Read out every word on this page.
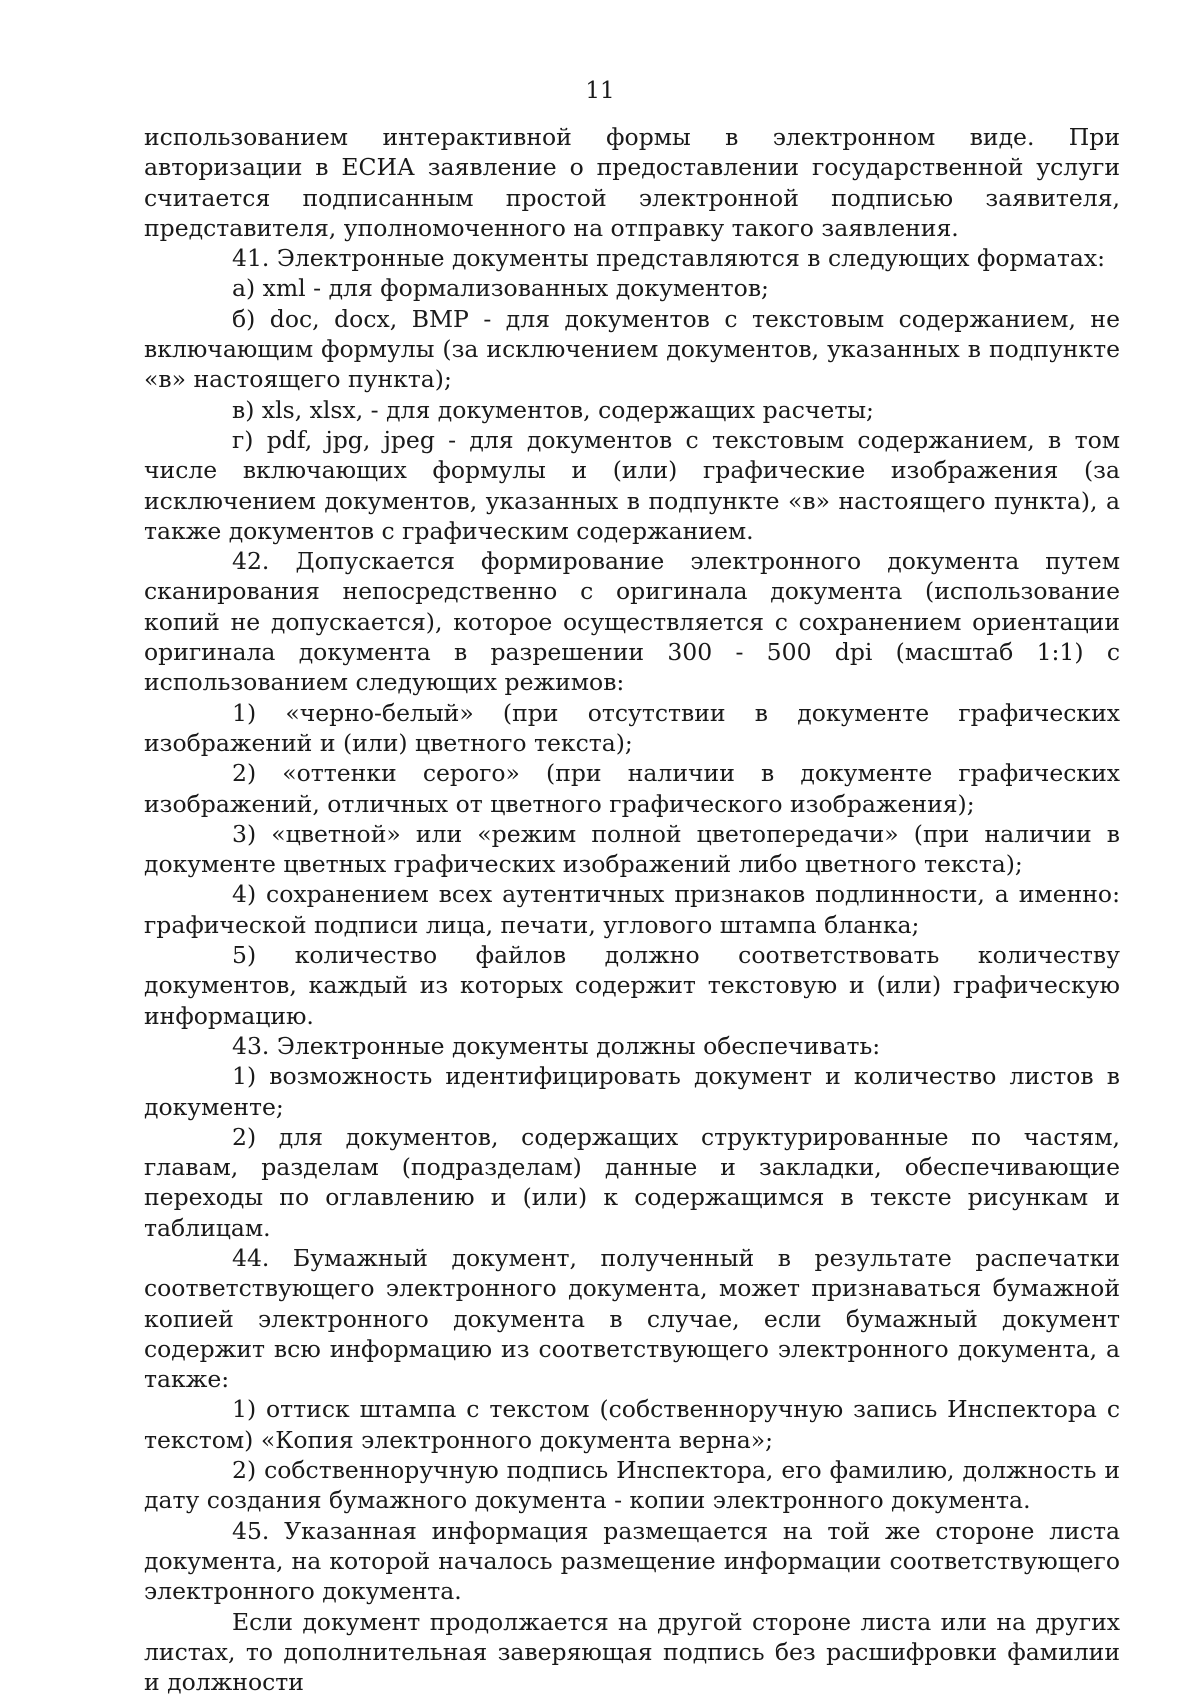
11

использованием интерактивной формы в электронном виде. При авторизации в ЕСИА заявление о предоставлении государственной услуги считается подписанным простой электронной подписью заявителя, представителя, уполномоченного на отправку такого заявления.

41. Электронные документы представляются в следующих форматах:

а) xml - для формализованных документов;

б) doc, docx, BMP - для документов с текстовым содержанием, не включающим формулы (за исключением документов, указанных в подпункте «в» настоящего пункта);

в) xls, xlsx, - для документов, содержащих расчеты;

г) pdf, jpg, jpeg - для документов с текстовым содержанием, в том числе включающих формулы и (или) графические изображения (за исключением документов, указанных в подпункте «в» настоящего пункта), а также документов с графическим содержанием.

42. Допускается формирование электронного документа путем сканирования непосредственно с оригинала документа (использование копий не допускается), которое осуществляется с сохранением ориентации оригинала документа в разрешении 300 - 500 dpi (масштаб 1:1) с использованием следующих режимов:

1) «черно-белый» (при отсутствии в документе графических изображений и (или) цветного текста);

2) «оттенки серого» (при наличии в документе графических изображений, отличных от цветного графического изображения);

3) «цветной» или «режим полной цветопередачи» (при наличии в документе цветных графических изображений либо цветного текста);

4) сохранением всех аутентичных признаков подлинности, а именно: графической подписи лица, печати, углового штампа бланка;

5) количество файлов должно соответствовать количеству документов, каждый из которых содержит текстовую и (или) графическую информацию.

43. Электронные документы должны обеспечивать:

1) возможность идентифицировать документ и количество листов в документе;

2) для документов, содержащих структурированные по частям, главам, разделам (подразделам) данные и закладки, обеспечивающие переходы по оглавлению и (или) к содержащимся в тексте рисункам и таблицам.

44. Бумажный документ, полученный в результате распечатки соответствующего электронного документа, может признаваться бумажной копией электронного документа в случае, если бумажный документ содержит всю информацию из соответствующего электронного документа, а также:

1) оттиск штампа с текстом (собственноручную запись Инспектора с текстом) «Копия электронного документа верна»;

2) собственноручную подпись Инспектора, его фамилию, должность и дату создания бумажного документа - копии электронного документа.

45. Указанная информация размещается на той же стороне листа документа, на которой началось размещение информации соответствующего электронного документа.

Если документ продолжается на другой стороне листа или на других листах, то дополнительная заверяющая подпись без расшифровки фамилии и должности
